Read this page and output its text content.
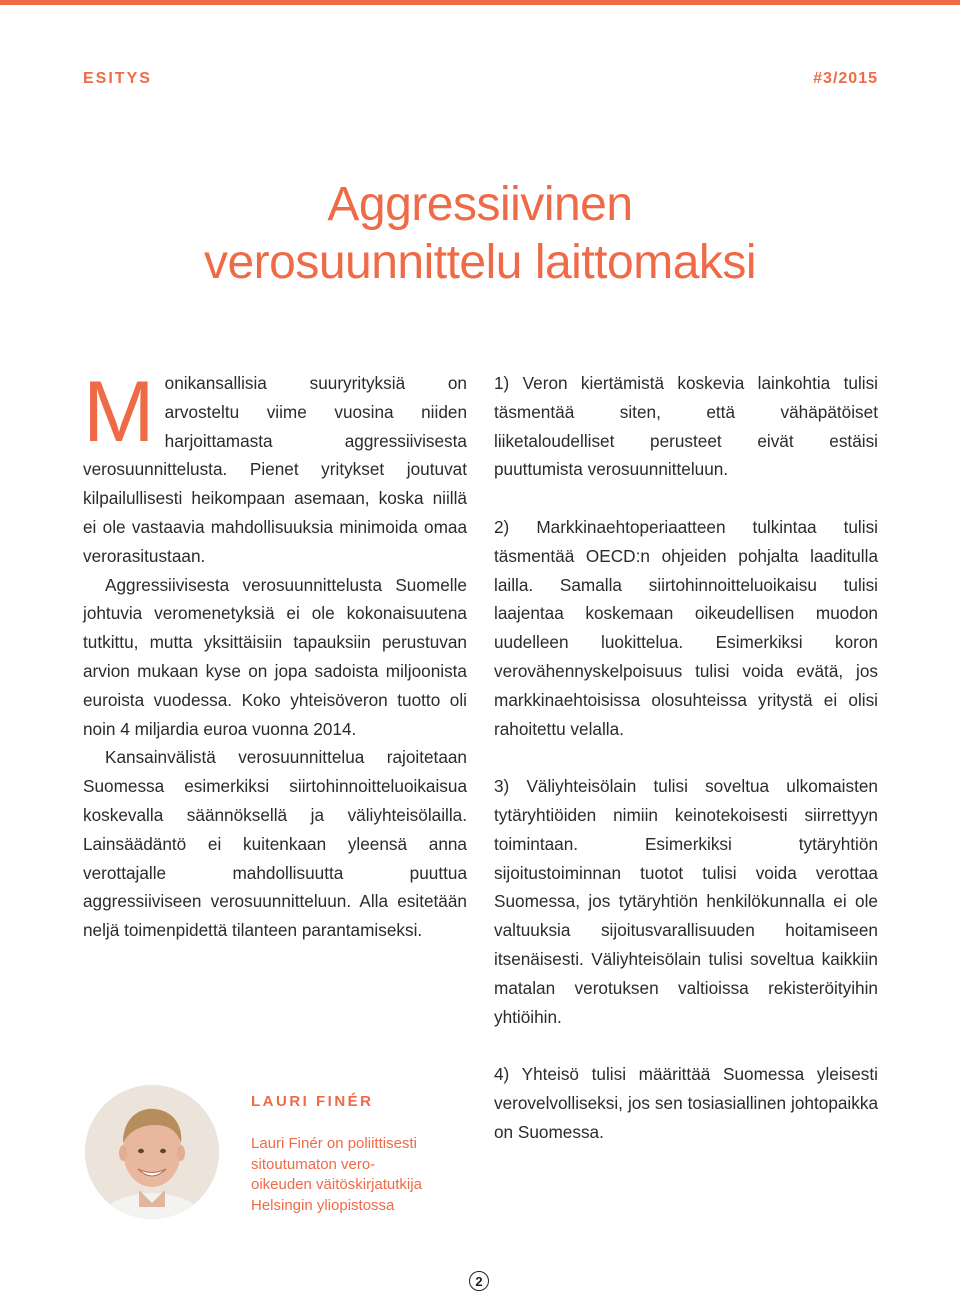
ESITYS	#3/2015
Aggressiivinen
verosuunnittelu laittomaksi

Monikansallisia suuryrityksiä on arvosteltu viime vuosina niiden harjoittamasta aggressiivisesta verosuunnittelusta. Pienet yritykset joutuvat kilpailullisesti heikompaan asemaan, koska niillä ei ole vastaavia mahdollisuuksia minimoida omaa verorasitustaan.

Aggressiivisesta verosuunnittelusta Suomelle johtuvia veromenetyksiä ei ole kokonaisuutena tutkittu, mutta yksittäisiin tapauksiin perustuvan arvion mukaan kyse on jopa sadoista miljoonista euroista vuodessa. Koko yhteisöveron tuotto oli noin 4 miljardia euroa vuonna 2014.

Kansainvälistä verosuunnittelua rajoitetaan Suomessa esimerkiksi siirtohinnoitteluoikaisua koskevalla säännöksellä ja väliyhteisölailla. Lainsäädäntö ei kuitenkaan yleensä anna verottajalle mahdollisuutta puuttua aggressiiviseen verosuunnitteluun. Alla esitetään neljä toimenpidettä tilanteen parantamiseksi.

1) Veron kiertämistä koskevia lainkohtia tulisi täsmentää siten, että vähäpätöiset liiketaloudelliset perusteet eivät estäisi puuttumista verosuunnitteluun.

2) Markkinaehtoperiaatteen tulkintaa tulisi täsmentää OECD:n ohjeiden pohjalta laaditulla lailla. Samalla siirtohinnoitteluoikaisu tulisi laajentaa koskemaan oikeudellisen muodon uudelleen luokittelua. Esimerkiksi koron verovähennyskelpoisuus tulisi voida evätä, jos markkinaehtoisissa olosuhteissa yritystä ei olisi rahoitettu velalla.

3) Väliyhteisölain tulisi soveltua ulkomaisten tytäryhtiöiden nimiin keinotekoisesti siirrettyyn toimintaan. Esimerkiksi tytäryhtiön sijoitustoiminnan tuotot tulisi voida verottaa Suomessa, jos tytäryhtiön henkilökunnalla ei ole valtuuksia sijoitusvarallisuuden hoitamiseen itsenäisesti. Väliyhteisölain tulisi soveltua kaikkiin matalan verotuksen valtioissa rekisteröityihin yhtiöihin.

4) Yhteisö tulisi määrittää Suomessa yleisesti verovelvolliseksi, jos sen tosiasiallinen johtopaikka on Suomessa.

LAURI FINÉR

Lauri Finér on poliittisesti
sitoutumaton vero-
oikeuden väitöskirjatutkija
Helsingin yliopistossa

2
